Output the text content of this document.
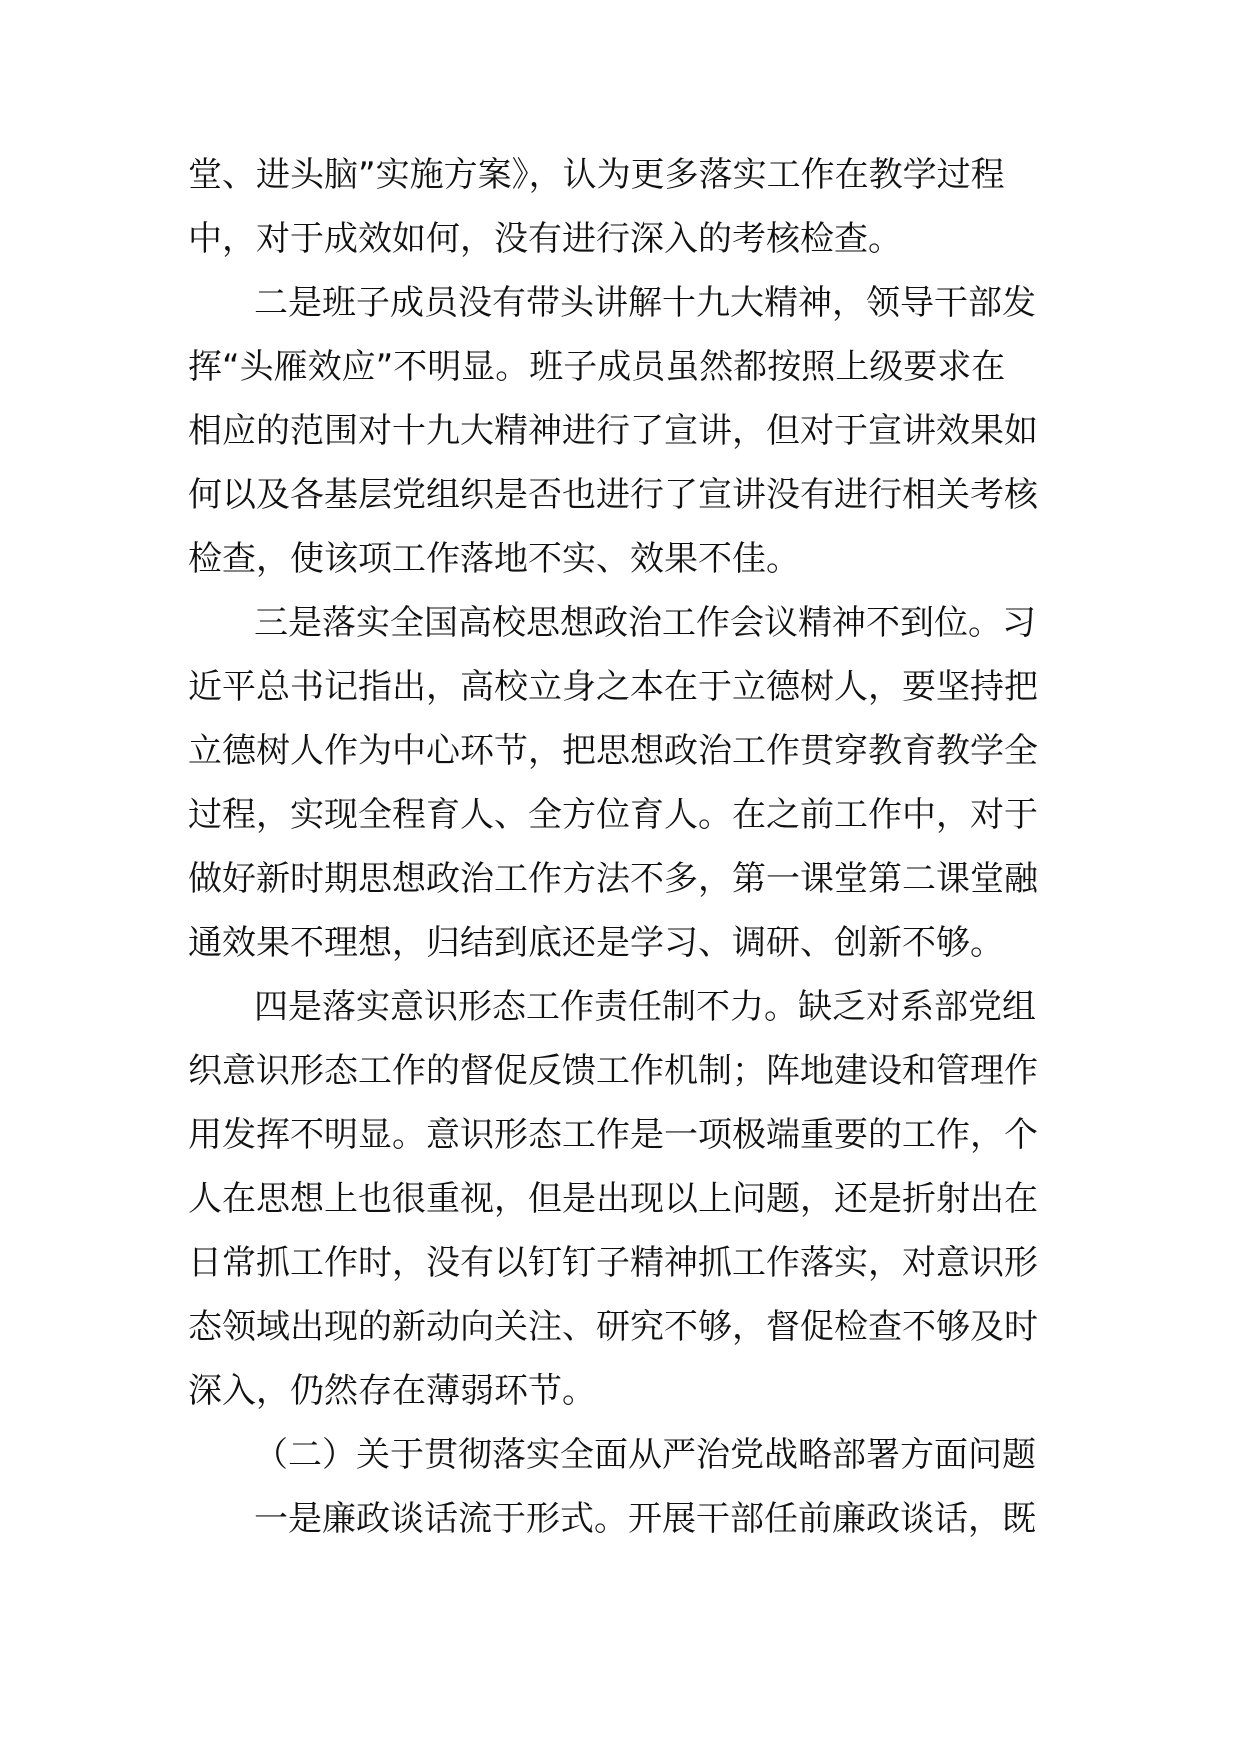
堂、进头脑”实施方案》，认为更多落实工作在教学过程
中，对于成效如何，没有进行深入的考核检查。
二是班子成员没有带头讲解十九大精神，领导干部发
挥“头雁效应”不明显。班子成员虽然都按照上级要求在
相应的范围对十九大精神进行了宣讲，但对于宣讲效果如
何以及各基层党组织是否也进行了宣讲没有进行相关考核
检查，使该项工作落地不实、效果不佳。
三是落实全国高校思想政治工作会议精神不到位。习
近平总书记指出，高校立身之本在于立德树人，要坚持把
立德树人作为中心环节，把思想政治工作贯穿教育教学全
过程，实现全程育人、全方位育人。在之前工作中，对于
做好新时期思想政治工作方法不多，第一课堂第二课堂融
通效果不理想，归结到底还是学习、调研、创新不够。
四是落实意识形态工作责任制不力。缺乏对系部党组
织意识形态工作的督促反馈工作机制；阵地建设和管理作
用发挥不明显。意识形态工作是一项极端重要的工作，个
人在思想上也很重视，但是出现以上问题，还是折射出在
日常抓工作时，没有以钉钉子精神抓工作落实，对意识形
态领域出现的新动向关注、研究不够，督促检查不够及时
深入，仍然存在薄弱环节。
（二）关于贯彻落实全面从严治党战略部署方面问题
一是廉政谈话流于形式。开展干部任前廉政谈话，既
